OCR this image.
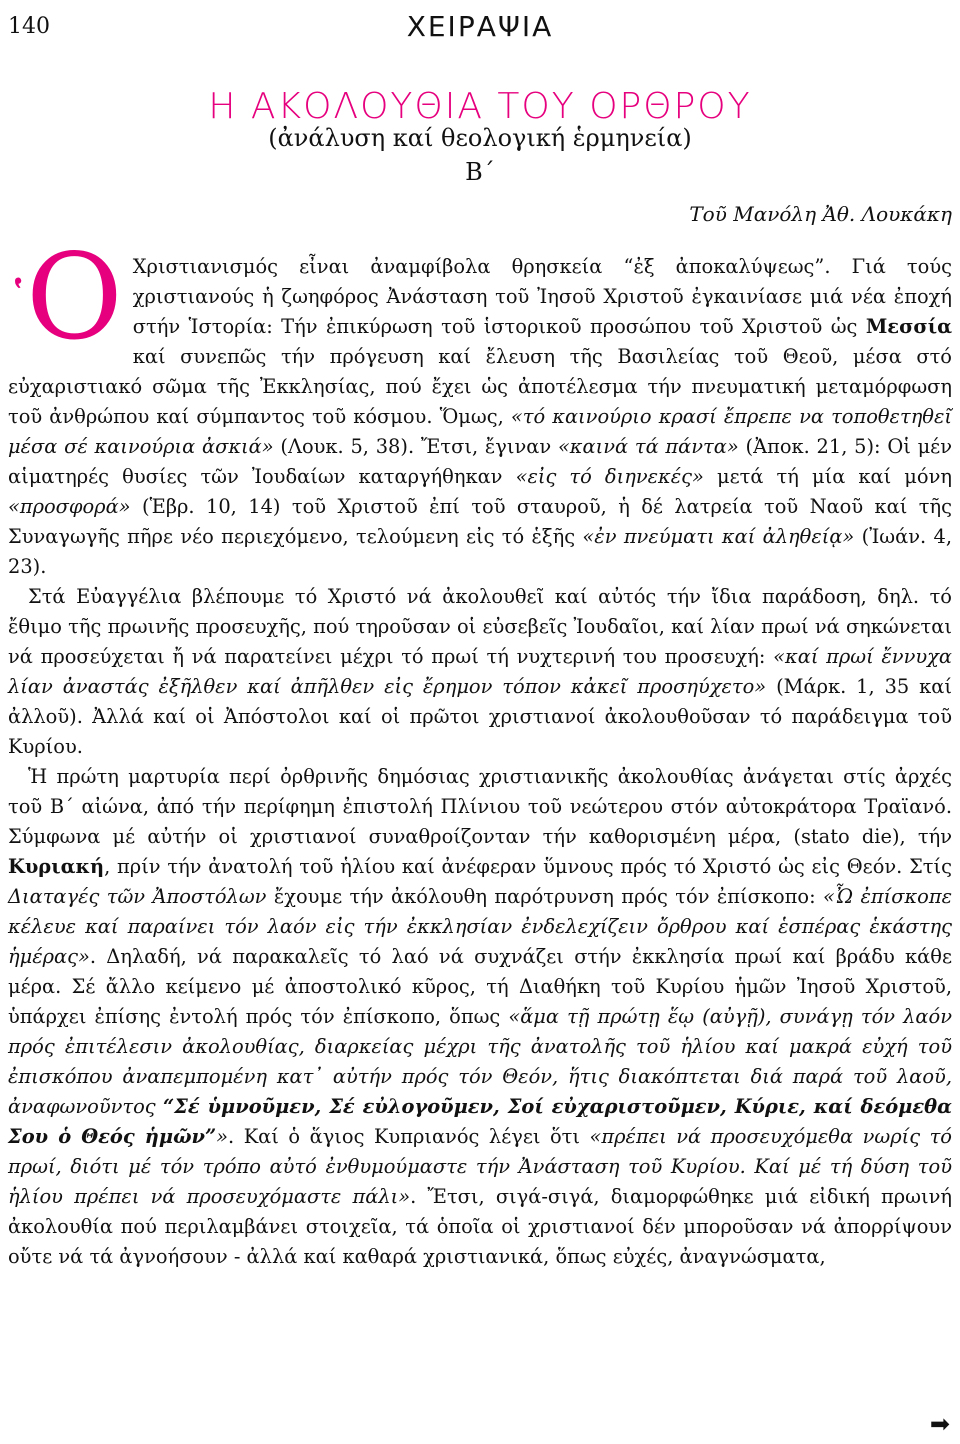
140	ΧΕΙΡΑΨΙΑ
Η ΑΚΟΛΟΥΘΙΑ ΤΟΥ ΟΡΘΡΟΥ
(ἀνάλυση καί θεολογική ἑρμηνεία)
Β΄
Τοῦ Μανόλη Ἀθ. Λουκάκη

῾Ο Χριστιανισμός εἶναι ἀναμφίβολα θρησκεία “ἐξ ἀποκαλύψεως”. Γιά τούς χριστιανούς ἡ ζωηφόρος Ἀνάσταση τοῦ Ἰησοῦ Χριστοῦ ἐγκαινίασε μιά νέα ἐποχή στήν Ἱστορία: Τήν ἐπικύρωση τοῦ ἱστορικοῦ προσώπου τοῦ Χριστοῦ ὡς Μεσσία καί συνεπῶς τήν πρόγευση καί ἔλευση τῆς Βασιλείας τοῦ Θεοῦ, μέσα στό εὐχαριστιακό σῶμα τῆς Ἐκκλησίας, πού ἔχει ὡς ἀποτέλεσμα τήν πνευματική μεταμόρφωση τοῦ ἀνθρώπου καί σύμπαντος τοῦ κόσμου. Ὅμως, «τό καινούριο κρασί ἔπρεπε να τοποθετηθεῖ μέσα σέ καινούρια ἀσκιά» (Λουκ. 5, 38). Ἔτσι, ἔγιναν «καινά τά πάντα» (Ἀποκ. 21, 5): Οἱ μέν αἱματηρές θυσίες τῶν Ἰουδαίων καταργήθηκαν «εἰς τό διηνεκές» μετά τή μία καί μόνη «προσφορά» (Ἑβρ. 10, 14) τοῦ Χριστοῦ ἐπί τοῦ σταυροῦ, ἡ δέ λατρεία τοῦ Ναοῦ καί τῆς Συναγωγῆς πῆρε νέο περιεχόμενο, τελούμενη εἰς τό ἑξῆς «ἐν πνεύματι καί ἀληθείᾳ» (Ἰωάν. 4, 23).

Στά Εὐαγγέλια βλέπουμε τό Χριστό νά ἀκολουθεῖ καί αὐτός τήν ἴδια παράδοση, δηλ. τό ἔθιμο τῆς πρωινῆς προσευχῆς, πού τηροῦσαν οἱ εὐσεβεῖς Ἰουδαῖοι, καί λίαν πρωί νά σηκώνεται νά προσεύχεται ἤ νά παρατείνει μέχρι τό πρωί τή νυχτερινή του προσευχή: «καί πρωί ἔννυχα λίαν ἀναστάς ἐξῆλθεν καί ἀπῆλθεν εἰς ἔρημον τόπον κἀκεῖ προσηύχετο» (Μάρκ. 1, 35 καί ἀλλοῦ). Ἀλλά καί οἱ Ἀπόστολοι καί οἱ πρῶτοι χριστιανοί ἀκολουθοῦσαν τό παράδειγμα τοῦ Κυρίου.

Ἡ πρώτη μαρτυρία περί ὀρθρινῆς δημόσιας χριστιανικῆς ἀκολουθίας ἀνάγεται στίς ἀρχές τοῦ Β΄ αἰώνα, ἀπό τήν περίφημη ἐπιστολή Πλίνιου τοῦ νεώτερου στόν αὐτοκράτορα Τραϊανό. Σύμφωνα μέ αὐτήν οἱ χριστιανοί συναθροίζονταν τήν καθορισμένη μέρα, (stato die), τήν Κυριακή, πρίν τήν ἀνατολή τοῦ ἡλίου καί ἀνέφεραν ὕμνους πρός τό Χριστό ὡς εἰς Θεόν. Στίς Διαταγές τῶν Ἀποστόλων ἔχουμε τήν ἀκόλουθη παρότρυνση πρός τόν ἐπίσκοπο: «Ὦ ἐπίσκοπε κέλευε καί παραίνει τόν λαόν εἰς τήν ἐκκλησίαν ἐνδελεχίζειν ὄρθρου καί ἑσπέρας ἑκάστης ἡμέρας». Δηλαδή, νά παρακαλεῖς τό λαό νά συχνάζει στήν ἐκκλησία πρωί καί βράδυ κάθε μέρα. Σέ ἄλλο κείμενο μέ ἀποστολικό κῦρος, τή Διαθήκη τοῦ Κυρίου ἡμῶν Ἰησοῦ Χριστοῦ, ὑπάρχει ἐπίσης ἐντολή πρός τόν ἐπίσκοπο, ὅπως «ἅμα τῇ πρώτῃ ἕῳ (αὐγῇ), συνάγῃ τόν λαόν πρός ἐπιτέλεσιν ἀκολουθίας, διαρκείας μέχρι τῆς ἀνατολῆς τοῦ ἡλίου καί μακρά εὐχή τοῦ ἐπισκόπου ἀναπεμπομένη κατ᾽ αὐτήν πρός τόν Θεόν, ἥτις διακόπτεται διά παρά τοῦ λαοῦ, ἀναφωνοῦντος “Σέ ὑμνοῦμεν, Σέ εὐλογοῦμεν, Σοί εὐχαριστοῦμεν, Κύριε, καί δεόμεθα Σου ὁ Θεός ἡμῶν”». Καί ὁ ἅγιος Κυπριανός λέγει ὅτι «πρέπει νά προσευχόμεθα νωρίς τό πρωί, διότι μέ τόν τρόπο αὐτό ἐνθυμούμαστε τήν Ἀνάσταση τοῦ Κυρίου. Καί μέ τή δύση τοῦ ἡλίου πρέπει νά προσευχόμαστε πάλι». Ἔτσι, σιγά-σιγά, διαμορφώθηκε μιά εἰδική πρωινή ἀκολουθία πού περιλαμβάνει στοιχεῖα, τά ὁποῖα οἱ χριστιανοί δέν μποροῦσαν νά ἀπορρίψουν οὔτε νά τά ἀγνοήσουν - ἀλλά καί καθαρά χριστιανικά, ὅπως εὐχές, ἀναγνώσματα,

➡
